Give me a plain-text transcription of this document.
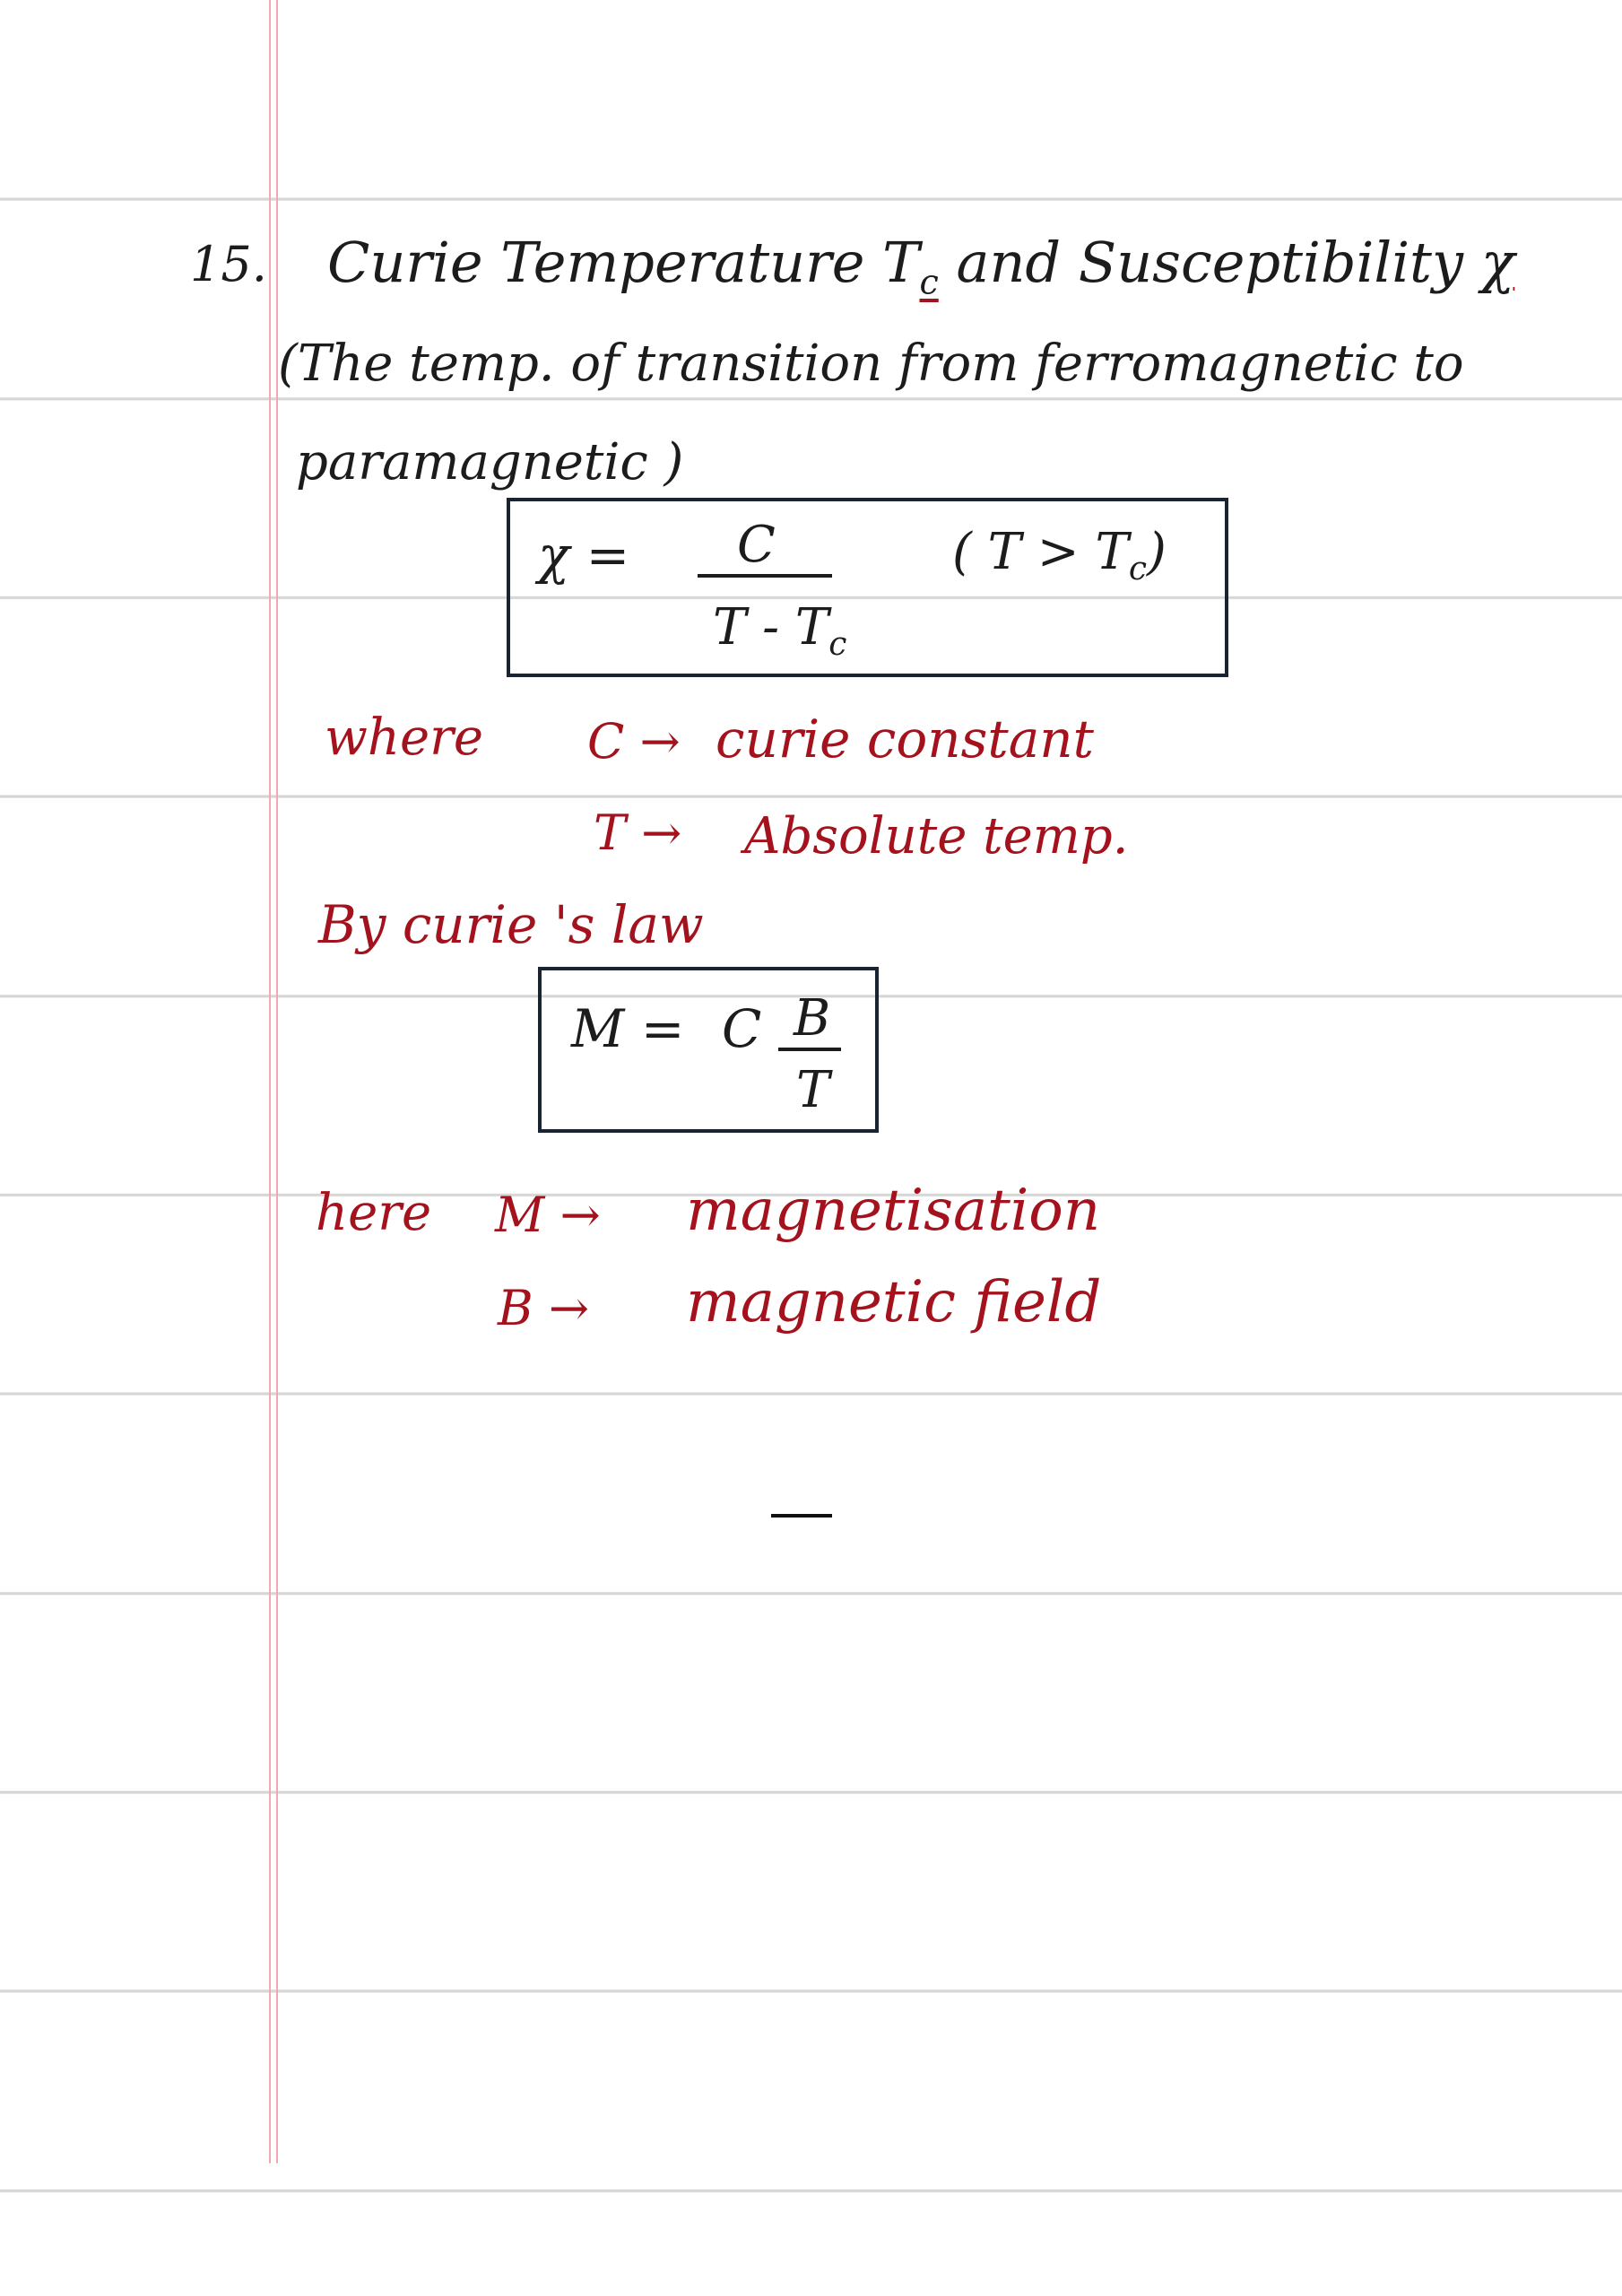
15. Curie Temperature $T_c$ and Susceptibility χ
(The temp. of transition from ferromagnetic to
paramagnetic )
χ = C
T - $T_c$
( $T > T_c$)
where C → curie constant
T → Absolute temp.
By curie 's law
M = C B
T
here M → magnetisation
B → magnetic field
